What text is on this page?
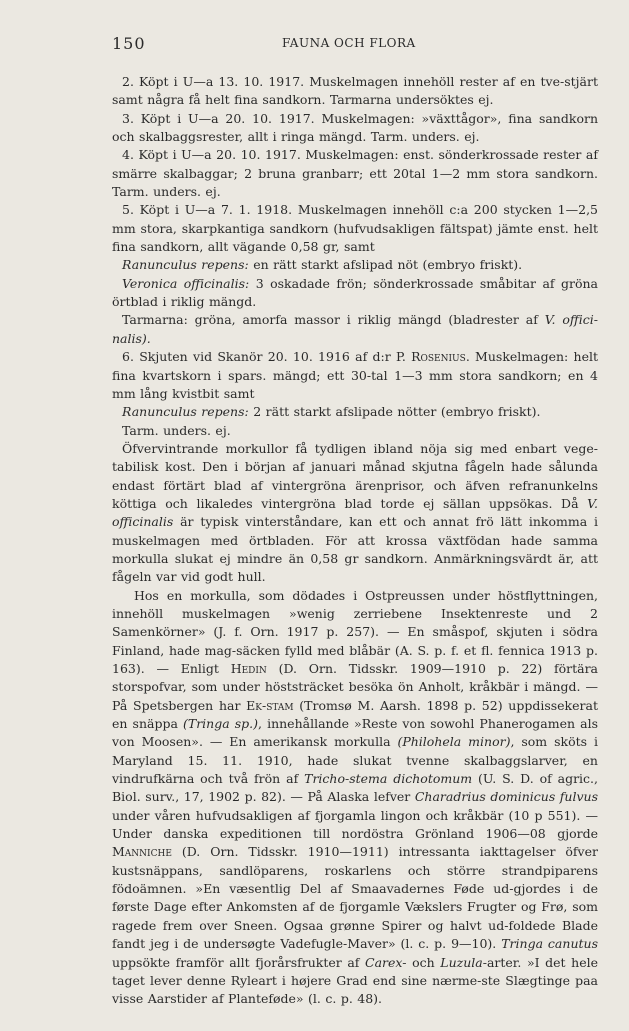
150	FAUNA OCH FLORA

2. Köpt i U—a 13. 10. 1917. Muskelmagen innehöll rester af en tve-stjärt samt några få helt fina sandkorn. Tarmarna undersöktes ej.

3. Köpt i U—a 20. 10. 1917. Muskelmagen: »växttågor», fina sandkorn och skalbaggsrester, allt i ringa mängd. Tarm. unders. ej.

4. Köpt i U—a 20. 10. 1917. Muskelmagen: enst. sönderkrossade rester af smärre skalbaggar; 2 bruna granbarr; ett 20tal 1—2 mm stora sandkorn. Tarm. unders. ej.

5. Köpt i U—a 7. 1. 1918. Muskelmagen innehöll c:a 200 stycken 1—2,5 mm stora, skarpkantiga sandkorn (hufvudsakligen fältspat) jämte enst. helt fina sandkorn, allt vägande 0,58 gr, samt

Ranunculus repens: en rätt starkt afslipad nöt (embryo friskt).

Veronica officinalis: 3 oskadade frön; sönderkrossade småbitar af gröna örtblad i riklig mängd.

Tarmarna: gröna, amorfa massor i riklig mängd (bladrester af V. offici-nalis).

6. Skjuten vid Skanör 20. 10. 1916 af d:r P. Rosenius. Muskelmagen: helt fina kvartskorn i spars. mängd; ett 30-tal 1—3 mm stora sandkorn; en 4 mm lång kvistbit samt

Ranunculus repens: 2 rätt starkt afslipade nötter (embryo friskt).

Tarm. unders. ej.

Öfvervintrande morkullor få tydligen ibland nöja sig med enbart vege-tabilisk kost. Den i början af januari månad skjutna fågeln hade sålunda endast förtärt blad af vintergröna ärenprisor, och äfven refranunkelns köttiga och likaledes vintergröna blad torde ej sällan uppsökas. Då V. officinalis är typisk vinterståndare, kan ett och annat frö lätt inkomma i muskelmagen med örtbladen. För att krossa växtfödan hade samma morkulla slukat ej mindre än 0,58 gr sandkorn. Anmärkningsvärdt är, att fågeln var vid godt hull.

Hos en morkulla, som dödades i Ostpreussen under höstflyttningen, innehöll muskelmagen »wenig zerriebene Insektenreste und 2 Samenkörner» (J. f. Orn. 1917 p. 257). — En småspof, skjuten i södra Finland, hade mag-säcken fylld med blåbär (A. S. p. f. et fl. fennica 1913 p. 163). — Enligt Hedin (D. Orn. Tidsskr. 1909—1910 p. 22) förtära storspofvar, som under höststräcket besöka ön Anholt, kråkbär i mängd. — På Spetsbergen har Ek-stam (Tromsø M. Aarsh. 1898 p. 52) uppdissekerat en snäppa (Tringa sp.), innehållande »Reste von sowohl Phanerogamen als von Moosen». — En amerikansk morkulla (Philohela minor), som sköts i Maryland 15. 11. 1910, hade slukat tvenne skalbaggslarver, en vindrufkärna och två frön af Tricho-stema dichotomum (U. S. D. of agric., Biol. surv., 17, 1902 p. 82). — På Alaska lefver Charadrius dominicus fulvus under våren hufvudsakligen af fjorgamla lingon och kråkbär (10 p 551). — Under danska expeditionen till nordöstra Grönland 1906—08 gjorde Manniche (D. Orn. Tidsskr. 1910—1911) intressanta iakttagelser öfver kustsnäppans, sandlöparens, roskarlens och större strandpiparens födoämnen. »En væsentlig Del af Smaavadernes Føde ud-gjordes i de første Dage efter Ankomsten af de fjorgamle Vækslers Frugter og Frø, som ragede frem over Sneen. Ogsaa grønne Spirer og halvt ud-foldede Blade fandt jeg i de undersøgte Vadefugle-Maver» (l. c. p. 9—10). Tringa canutus uppsökte framför allt fjorårsfrukter af Carex- och Luzula-arter. »I det hele taget lever denne Ryleart i højere Grad end sine nærme-ste Slægtinge paa visse Aarstider af Planteføde» (l. c. p. 48).
